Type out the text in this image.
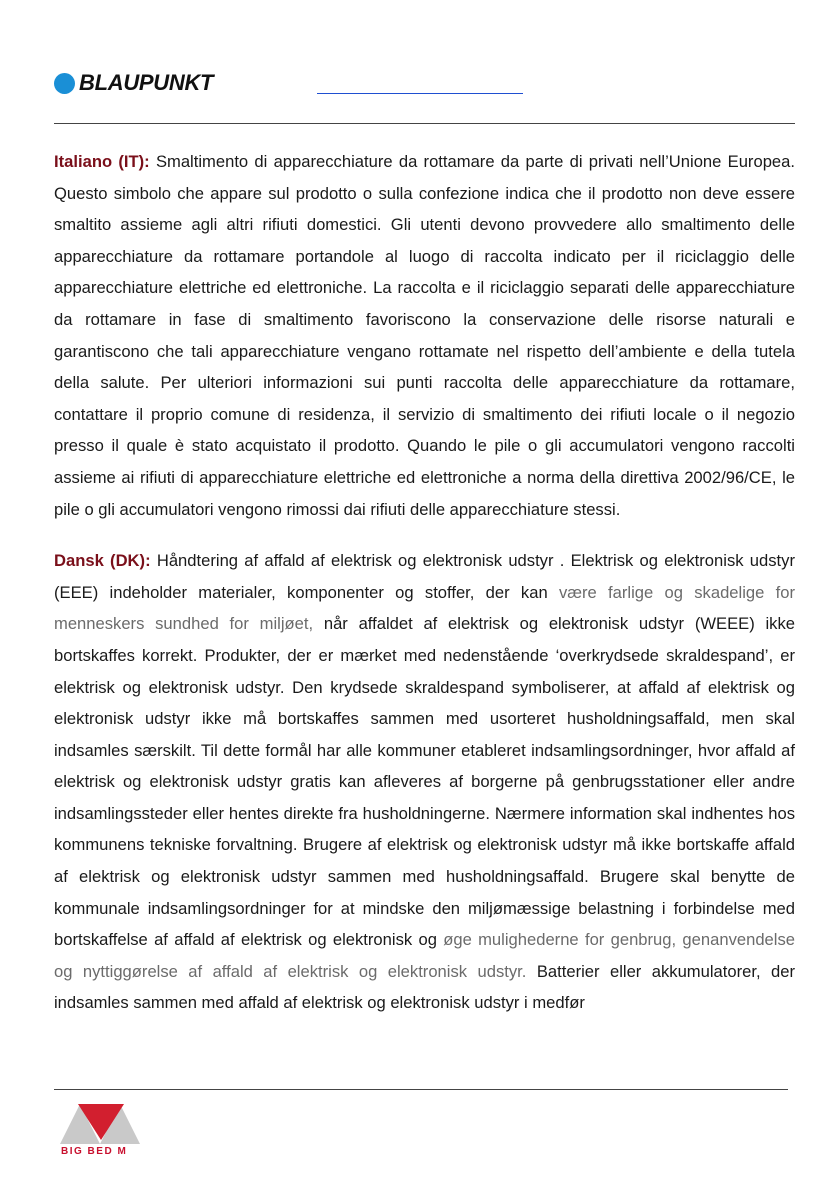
BLAUPUNKT

Italiano (IT): Smaltimento di apparecchiature da rottamare da parte di privati nell’Unione Europea. Questo simbolo che appare sul prodotto o sulla confezione indica che il prodotto non deve essere smaltito assieme agli altri rifiuti domestici. Gli utenti devono provvedere allo smaltimento delle apparecchiature da rottamare portandole al luogo di raccolta indicato per il riciclaggio delle apparecchiature elettriche ed elettroniche. La raccolta e il riciclaggio separati delle apparecchiature da rottamare in fase di smaltimento favoriscono la conservazione delle risorse naturali e garantiscono che tali apparecchiature vengano rottamate nel rispetto dell’ambiente e della tutela della salute. Per ulteriori informazioni sui punti raccolta delle apparecchiature da rottamare, contattare il proprio comune di residenza, il servizio di smaltimento dei rifiuti locale o il negozio presso il quale è stato acquistato il prodotto. Quando le pile o gli accumulatori vengono raccolti assieme ai rifiuti di apparecchiature elettriche ed elettroniche a norma della direttiva 2002/96/CE, le pile o gli accumulatori vengono rimossi dai rifiuti delle apparecchiature stessi.

Dansk (DK): Håndtering af affald af elektrisk og elektronisk udstyr . Elektrisk og elektronisk udstyr (EEE) indeholder materialer, komponenter og stoffer, der kan være farlige og skadelige for menneskers sundhed for miljøet, når affaldet af elektrisk og elektronisk udstyr (WEEE) ikke bortskaffes korrekt. Produkter, der er mærket med nedenstående ‘overkrydsede skraldespand’, er elektrisk og elektronisk udstyr. Den krydsede skraldespand symboliserer, at affald af elektrisk og elektronisk udstyr ikke må bortskaffes sammen med usorteret husholdningsaffald, men skal indsamles særskilt. Til dette formål har alle kommuner etableret indsamlingsordninger, hvor affald af elektrisk og elektronisk udstyr gratis kan afleveres af borgerne på genbrugsstationer eller andre indsamlingssteder eller hentes direkte fra husholdningerne. Nærmere information skal indhentes hos kommunens tekniske forvaltning. Brugere af elektrisk og elektronisk udstyr må ikke bortskaffe affald af elektrisk og elektronisk udstyr sammen med husholdningsaffald. Brugere skal benytte de kommunale indsamlingsordninger for at mindske den miljømæssige belastning i forbindelse med bortskaffelse af affald af elektrisk og elektronisk og øge mulighederne for genbrug, genanvendelse og nyttiggørelse af affald af elektrisk og elektronisk udstyr. Batterier eller akkumulatorer, der indsamles sammen med affald af elektrisk og elektronisk udstyr i medfør

BIG BED M
